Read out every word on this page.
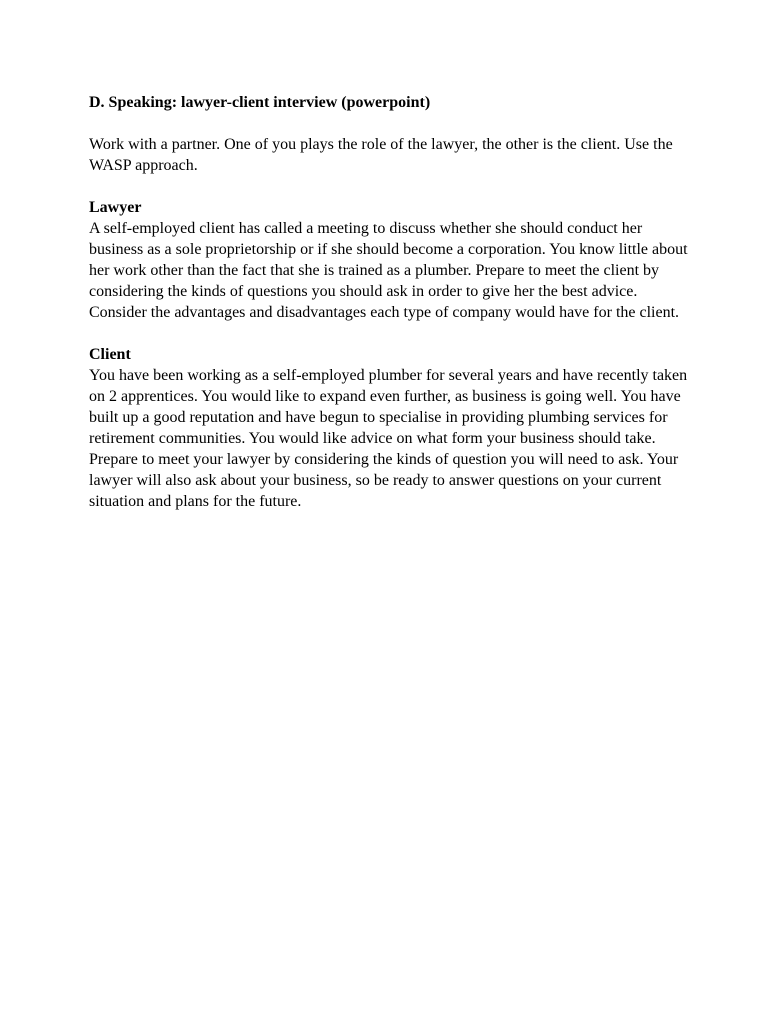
D. Speaking: lawyer-client interview (powerpoint)

Work with a partner. One of you plays the role of the lawyer, the other is the client. Use the WASP approach.

Lawyer

A self-employed client has called a meeting to discuss whether she should conduct her business as a sole proprietorship or if she should become a corporation. You know little about her work other than the fact that she is trained as a plumber. Prepare to meet the client by considering the kinds of questions you should ask in order to give her the best advice. Consider the advantages and disadvantages each type of company would have for the client.

Client

You have been working as a self-employed plumber for several years and have recently taken on 2 apprentices. You would like to expand even further, as business is going well. You have built up a good reputation and have begun to specialise in providing plumbing services for retirement communities. You would like advice on what form your business should take.

Prepare to meet your lawyer by considering the kinds of question you will need to ask. Your lawyer will also ask about your business, so be ready to answer questions on your current situation and plans for the future.
